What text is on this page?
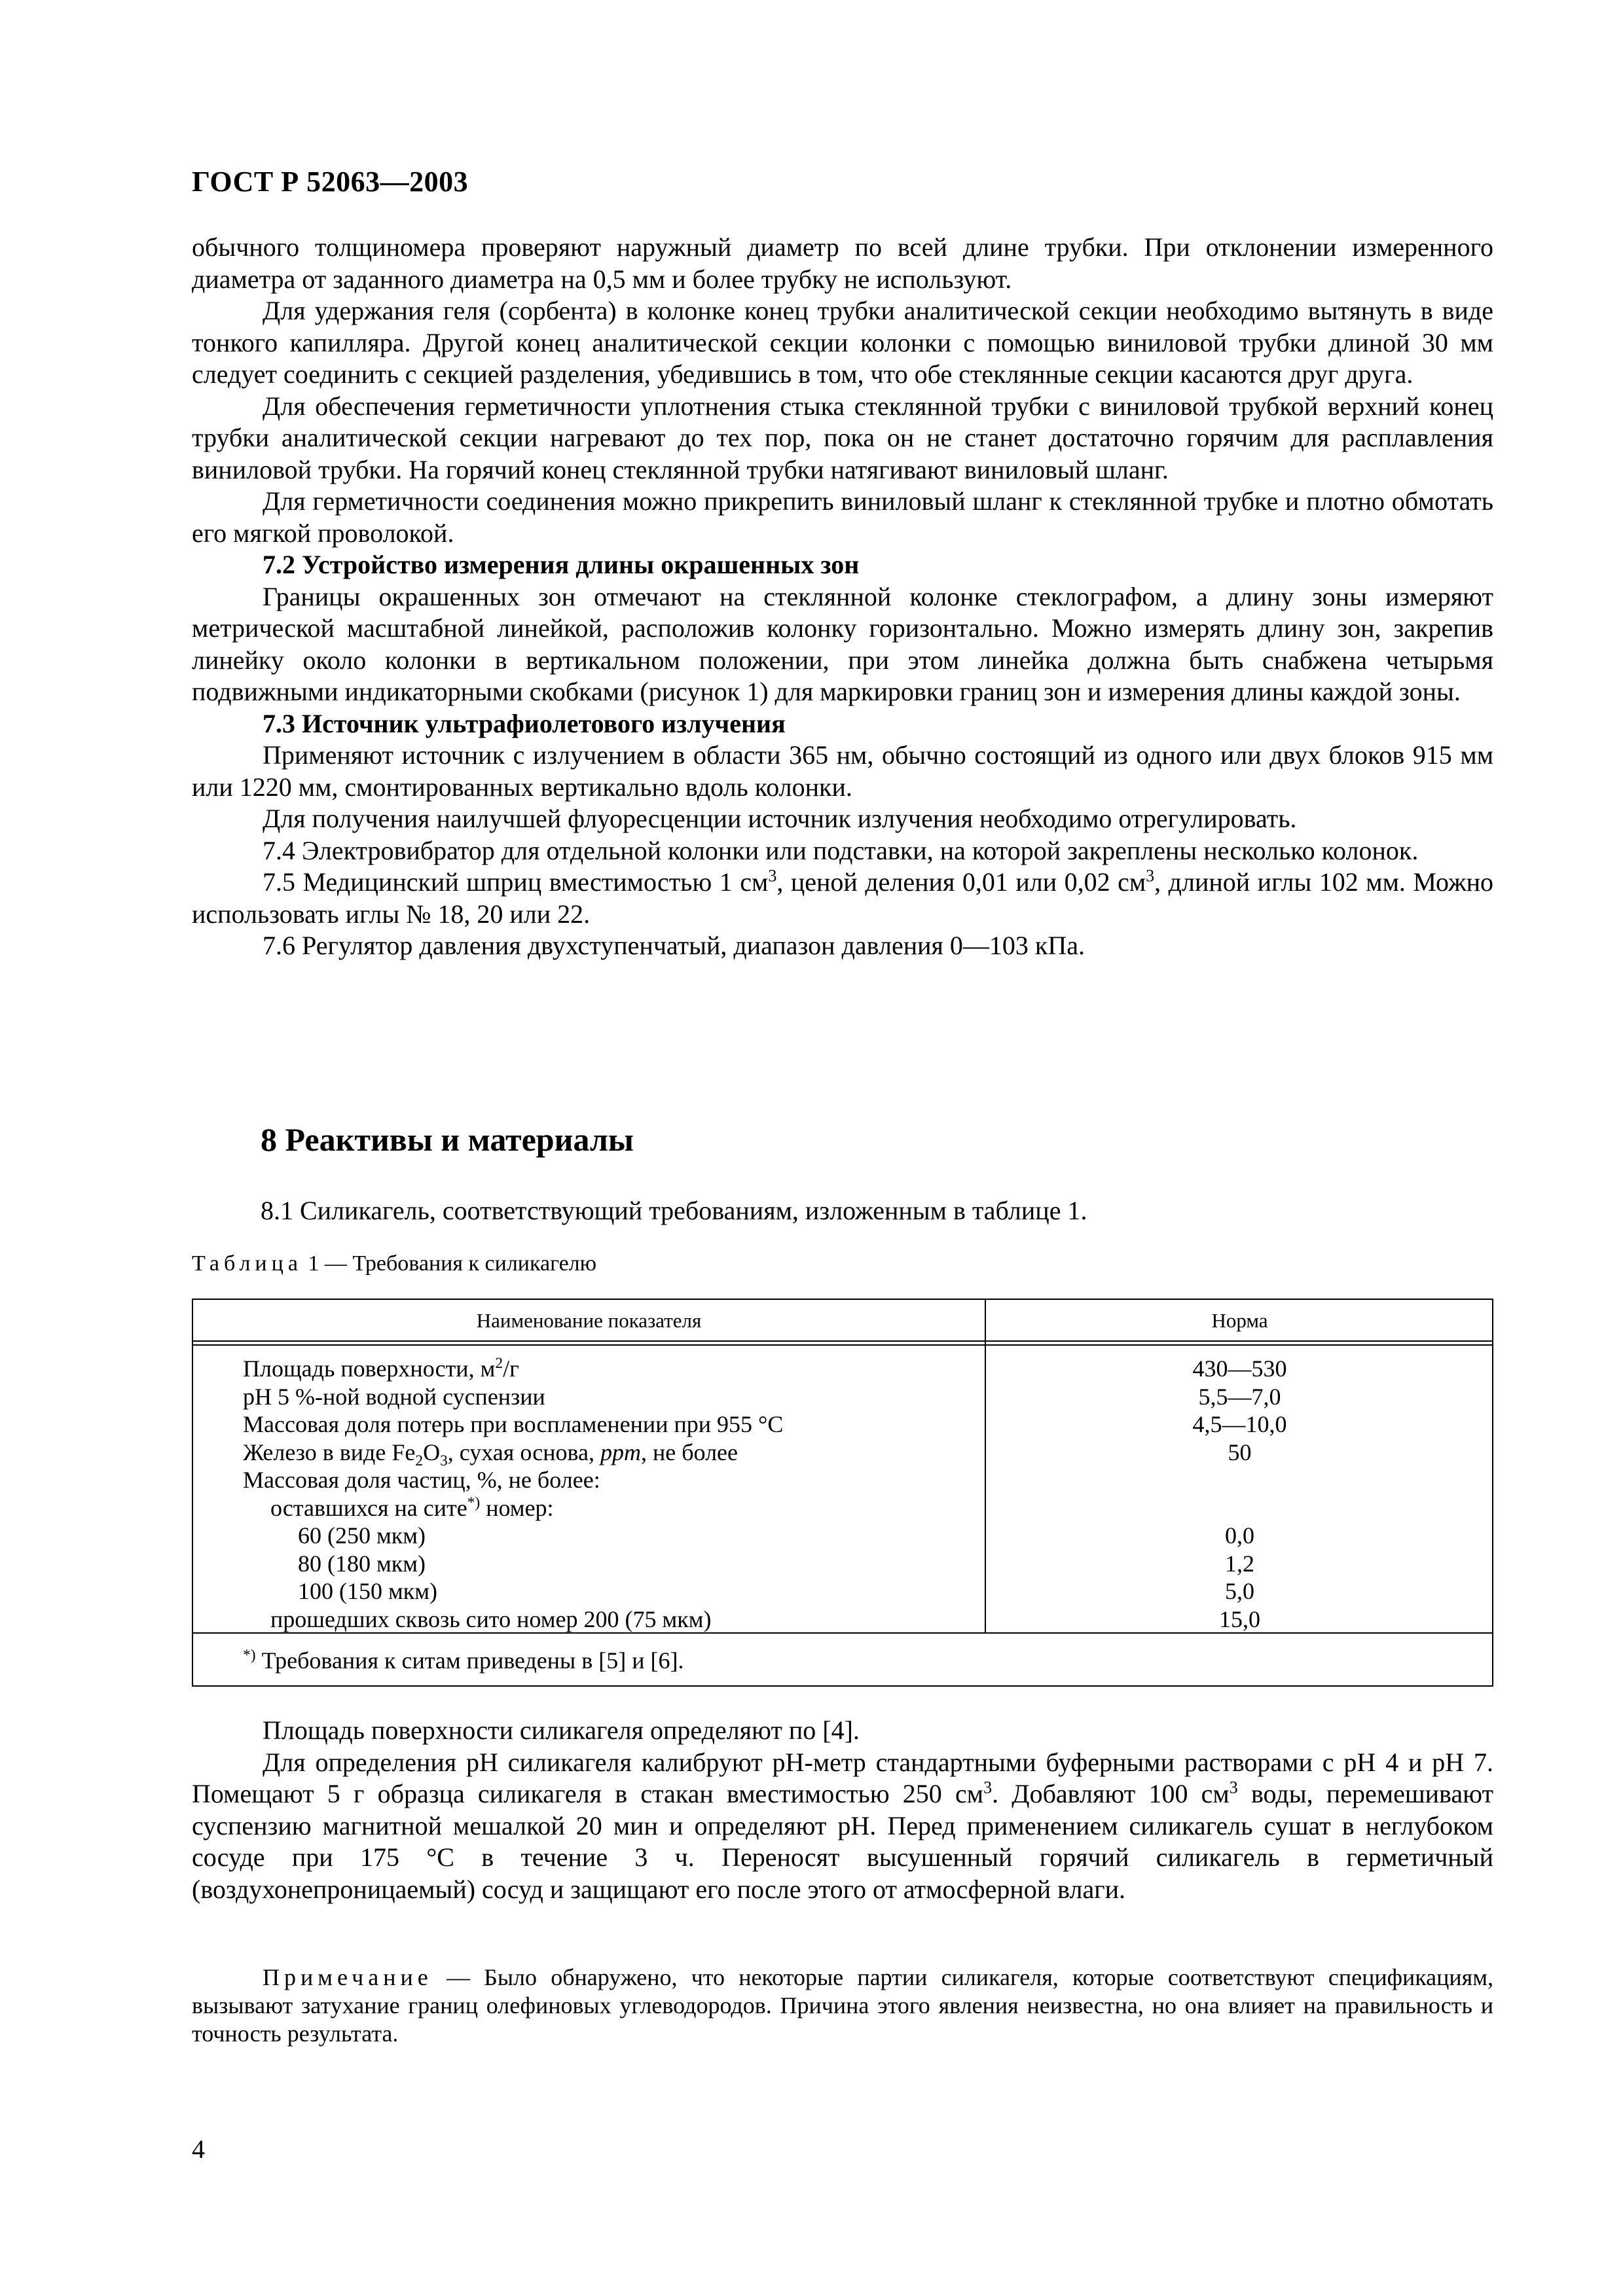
ГОСТ Р 52063—2003

обычного толщиномера проверяют наружный диаметр по всей длине трубки. При отклонении измеренного диаметра от заданного диаметра на 0,5 мм и более трубку не используют.

Для удержания геля (сорбента) в колонке конец трубки аналитической секции необходимо вытянуть в виде тонкого капилляра. Другой конец аналитической секции колонки с помощью виниловой трубки длиной 30 мм следует соединить с секцией разделения, убедившись в том, что обе стеклянные секции касаются друг друга.

Для обеспечения герметичности уплотнения стыка стеклянной трубки с виниловой трубкой верхний конец трубки аналитической секции нагревают до тех пор, пока он не станет достаточно горячим для расплавления виниловой трубки. На горячий конец стеклянной трубки натягивают виниловый шланг.

Для герметичности соединения можно прикрепить виниловый шланг к стеклянной трубке и плотно обмотать его мягкой проволокой.

7.2 Устройство измерения длины окрашенных зон

Границы окрашенных зон отмечают на стеклянной колонке стеклографом, а длину зоны измеряют метрической масштабной линейкой, расположив колонку горизонтально. Можно измерять длину зон, закрепив линейку около колонки в вертикальном положении, при этом линейка должна быть снабжена четырьмя подвижными индикаторными скобками (рисунок 1) для маркировки границ зон и измерения длины каждой зоны.

7.3 Источник ультрафиолетового излучения

Применяют источник с излучением в области 365 нм, обычно состоящий из одного или двух блоков 915 мм или 1220 мм, смонтированных вертикально вдоль колонки.

Для получения наилучшей флуоресценции источник излучения необходимо отрегулировать.

7.4 Электровибратор для отдельной колонки или подставки, на которой закреплены несколько колонок.

7.5 Медицинский шприц вместимостью 1 $см^3$, ценой деления 0,01 или 0,02 $см^3$, длиной иглы 102 мм. Можно использовать иглы № 18, 20 или 22.

7.6 Регулятор давления двухступенчатый, диапазон давления 0—103 кПа.

8 Реактивы и материалы
8.1 Силикагель, соответствующий требованиям, изложенным в таблице 1.
Таблица 1 — Требования к силикагелю
Наименование показателя	Норма
Площадь поверхности, $м^2/г$	430—530
pH 5 %-ной водной суспензии	5,5—7,0
Массовая доля потерь при воспламенении при 955 °С	4,5—10,0
Железо в виде $Fe_2O_3$, сухая основа, ppm, не более	50
Массовая доля частиц, %, не более:
оставшихся на сите*) номер:
60 (250 мкм)	0,0
80 (180 мкм)	1,2
100 (150 мкм)	5,0
прошедших сквозь сито номер 200 (75 мкм)	15,0
*) Требования к ситам приведены в [5] и [6].

Площадь поверхности силикагеля определяют по [4].

Для определения pH силикагеля калибруют pH-метр стандартными буферными растворами с pH 4 и pH 7. Помещают 5 г образца силикагеля в стакан вместимостью 250 $см^3$. Добавляют 100 $см^3$ воды, перемешивают суспензию магнитной мешалкой 20 мин и определяют pH. Перед применением силикагель сушат в неглубоком сосуде при 175 °С в течение 3 ч. Переносят высушенный горячий силикагель в герметичный (воздухонепроницаемый) сосуд и защищают его после этого от атмосферной влаги.

Примечание — Было обнаружено, что некоторые партии силикагеля, которые соответствуют спецификациям, вызывают затухание границ олефиновых углеводородов. Причина этого явления неизвестна, но она влияет на правильность и точность результата.

4
